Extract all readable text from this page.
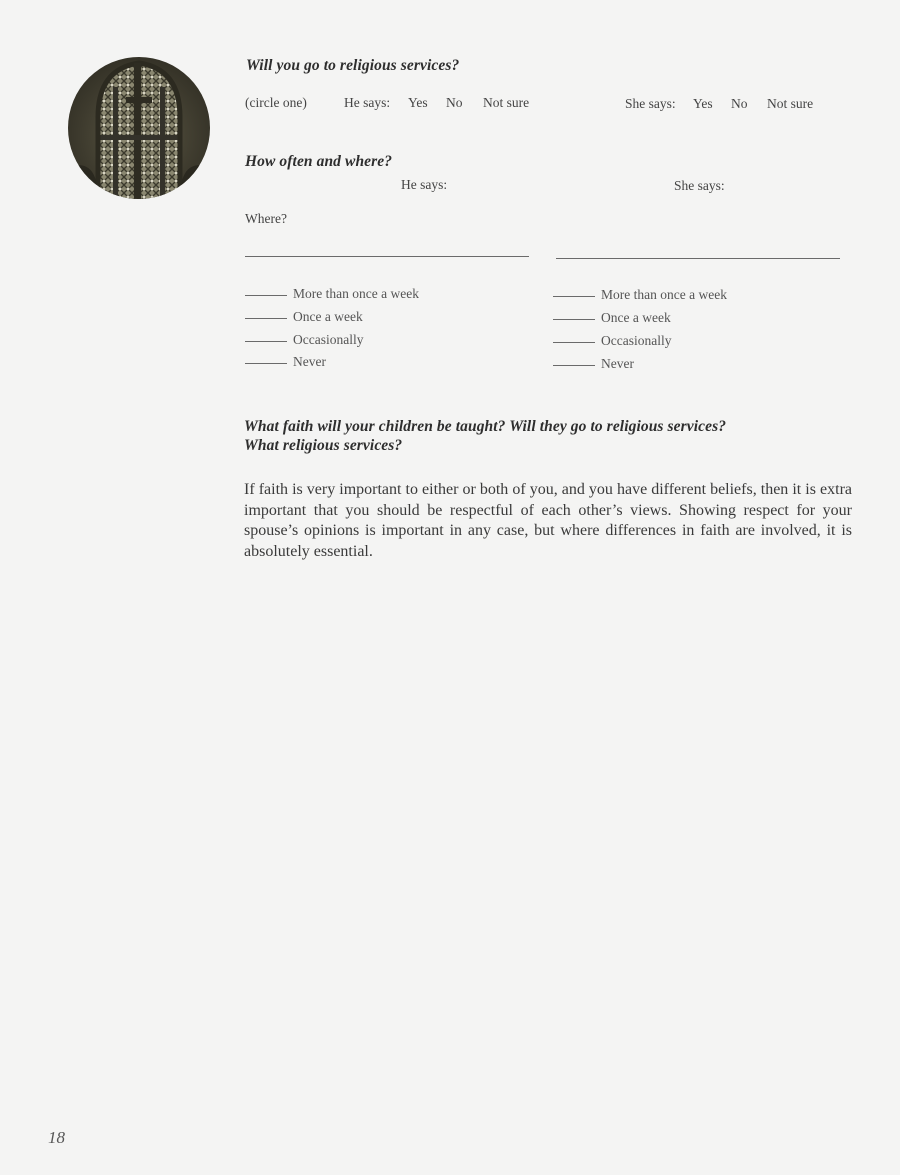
Will you go to religious services?
(circle one)	He says: Yes No Not sure	She says: Yes No Not sure
How often and where?
He says:	She says:
Where?
More than once a week
Once a week
Occasionally
Never
More than once a week
Once a week
Occasionally
Never
What faith will your children be taught? Will they go to religious services?
What religious services?
If faith is very important to either or both of you, and you have different beliefs, then it is extra important that you should be respectful of each other’s views. Showing respect for your spouse’s opinions is important in any case, but where differences in faith are involved, it is absolutely essential.
18
